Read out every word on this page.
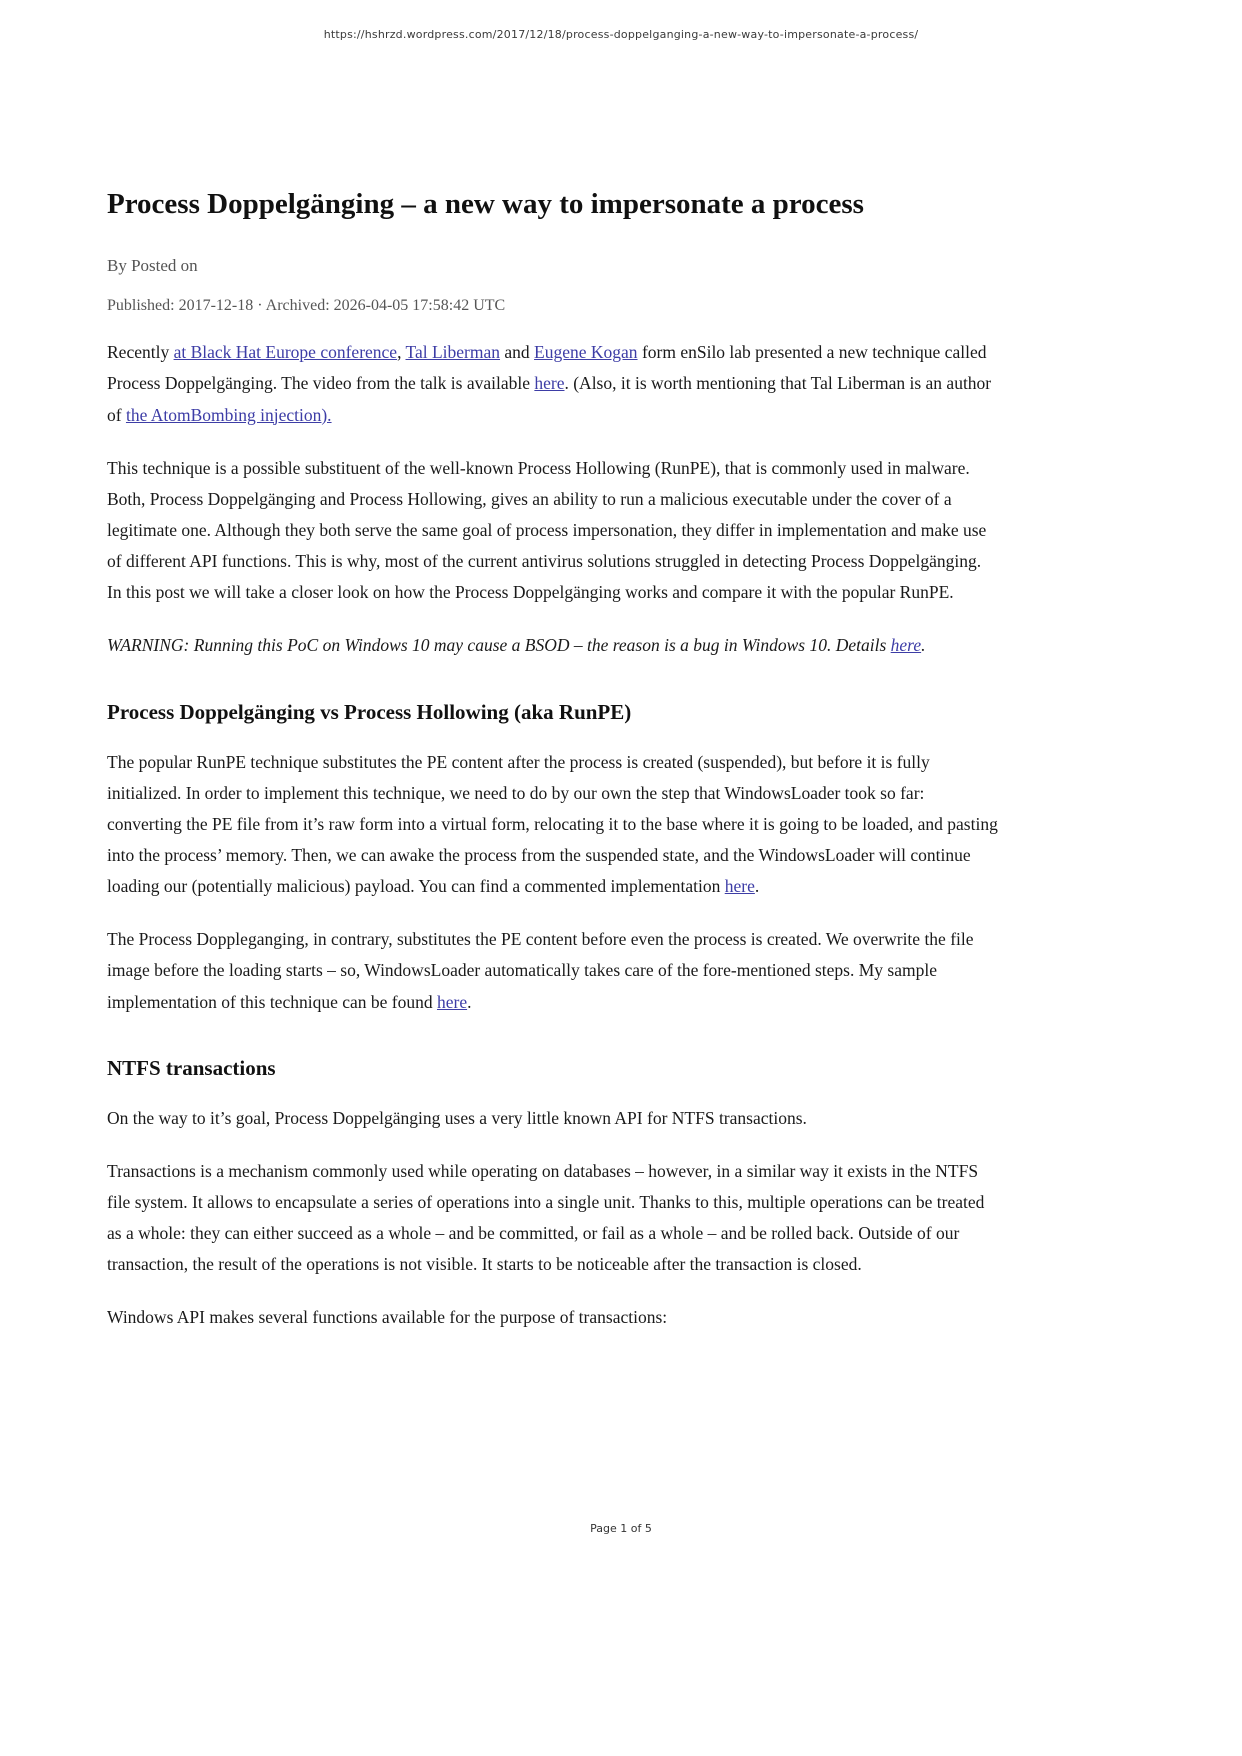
https://hshrzd.wordpress.com/2017/12/18/process-doppelganging-a-new-way-to-impersonate-a-process/
Process Doppelgänging – a new way to impersonate a process
By Posted on
Published: 2017-12-18 · Archived: 2026-04-05 17:58:42 UTC

Recently at Black Hat Europe conference, Tal Liberman and Eugene Kogan form enSilo lab presented a new technique called Process Doppelgänging. The video from the talk is available here. (Also, it is worth mentioning that Tal Liberman is an author of the AtomBombing injection).

This technique is a possible substituent of the well-known Process Hollowing (RunPE), that is commonly used in malware. Both, Process Doppelgänging and Process Hollowing, gives an ability to run a malicious executable under the cover of a legitimate one. Although they both serve the same goal of process impersonation, they differ in implementation and make use of different API functions. This is why, most of the current antivirus solutions struggled in detecting Process Doppelgänging. In this post we will take a closer look on how the Process Doppelgänging works and compare it with the popular RunPE.

WARNING: Running this PoC on Windows 10 may cause a BSOD – the reason is a bug in Windows 10. Details here.

Process Doppelgänging vs Process Hollowing (aka RunPE)

The popular RunPE technique substitutes the PE content after the process is created (suspended), but before it is fully initialized. In order to implement this technique, we need to do by our own the step that WindowsLoader took so far: converting the PE file from it’s raw form into a virtual form, relocating it to the base where it is going to be loaded, and pasting into the process’ memory. Then, we can awake the process from the suspended state, and the WindowsLoader will continue loading our (potentially malicious) payload. You can find a commented implementation here.

The Process Doppleganging, in contrary, substitutes the PE content before even the process is created. We overwrite the file image before the loading starts – so, WindowsLoader automatically takes care of the fore-mentioned steps. My sample implementation of this technique can be found here.

NTFS transactions

On the way to it’s goal, Process Doppelgänging uses a very little known API for NTFS transactions.

Transactions is a mechanism commonly used while operating on databases – however, in a similar way it exists in the NTFS file system. It allows to encapsulate a series of operations into a single unit. Thanks to this, multiple operations can be treated as a whole: they can either succeed as a whole – and be committed, or fail as a whole – and be rolled back. Outside of our transaction, the result of the operations is not visible. It starts to be noticeable after the transaction is closed.

Windows API makes several functions available for the purpose of transactions:

Page 1 of 5
